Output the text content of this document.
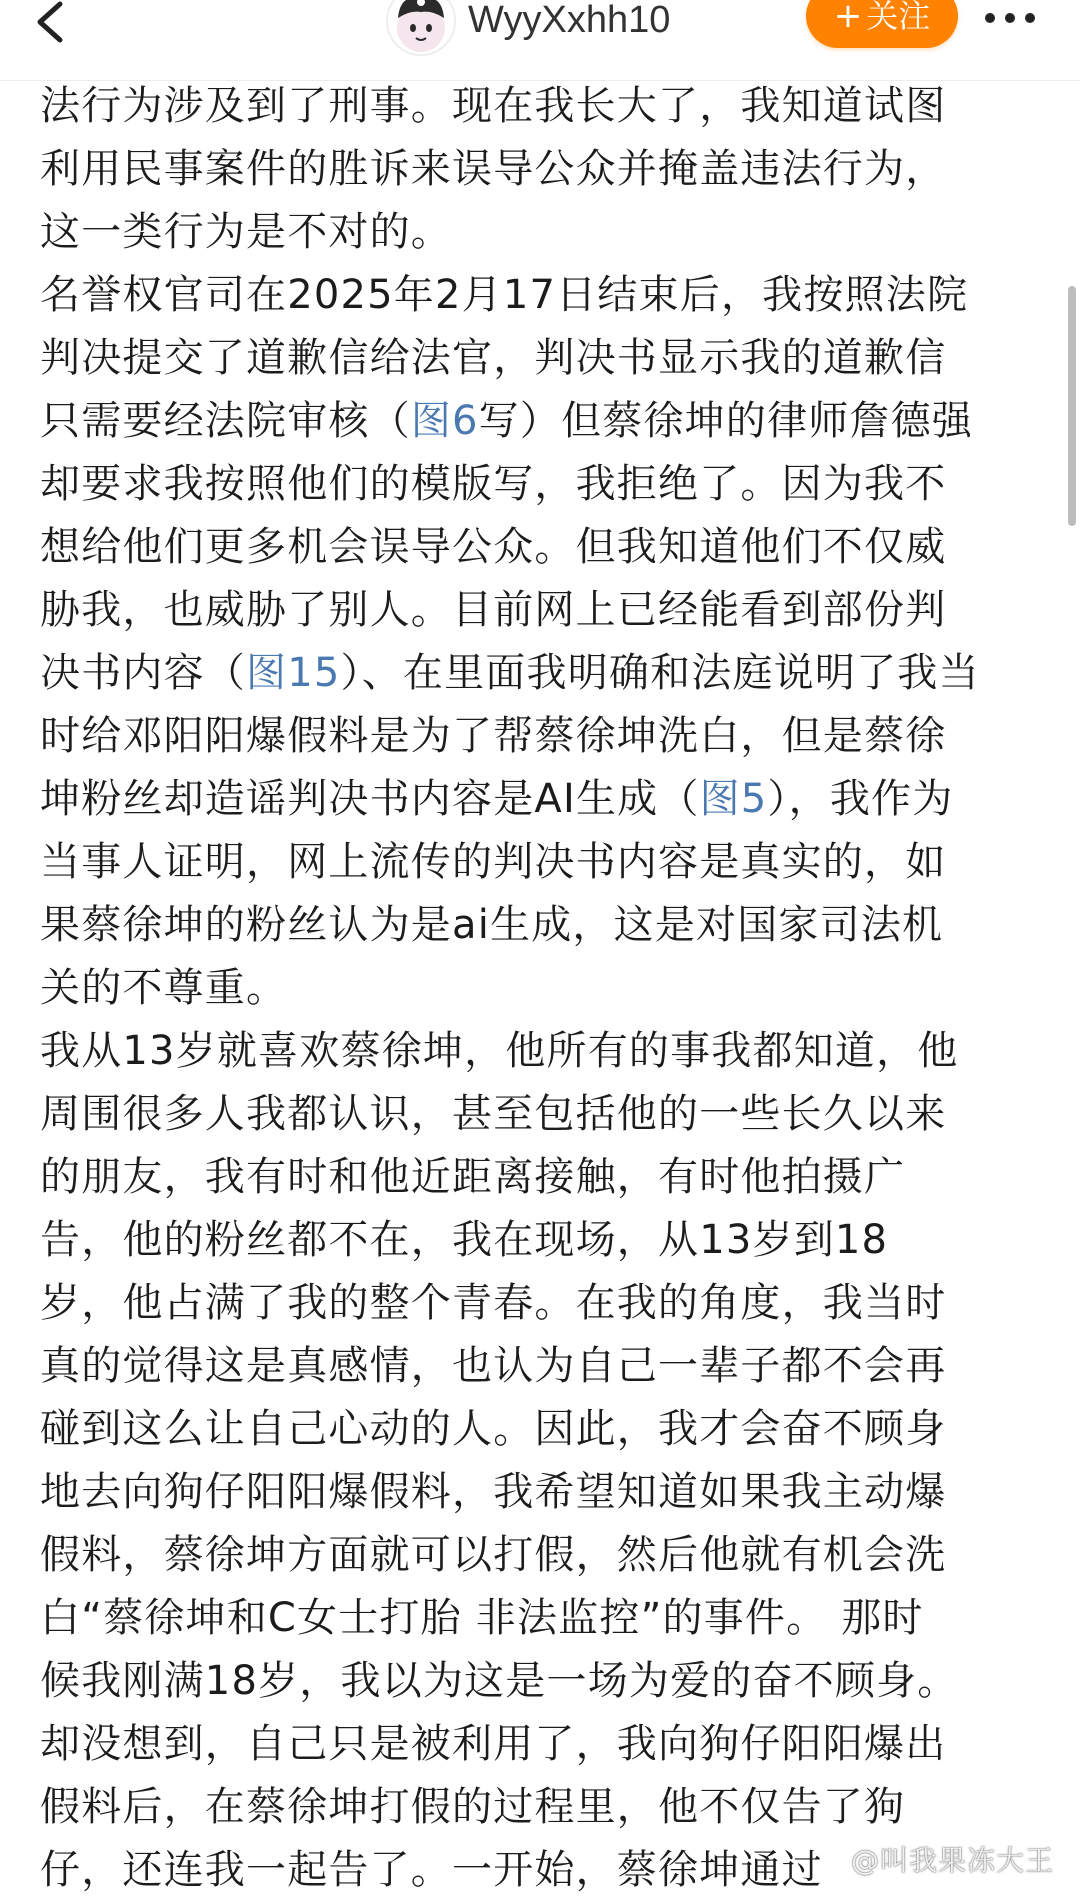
WyyXxhh10	+ 关注
法行为涉及到了刑事。现在我长大了，我知道试图
利用民事案件的胜诉来误导公众并掩盖违法行为，
这一类行为是不对的。
名誉权官司在2025年2月17日结束后，我按照法院
判决提交了道歉信给法官，判决书显示我的道歉信
只需要经法院审核（图6写）但蔡徐坤的律师詹德强
却要求我按照他们的模版写，我拒绝了。因为我不
想给他们更多机会误导公众。但我知道他们不仅威
胁我，也威胁了别人。目前网上已经能看到部份判
决书内容（图15）、在里面我明确和法庭说明了我当
时给邓阳阳爆假料是为了帮蔡徐坤洗白，但是蔡徐
坤粉丝却造谣判决书内容是AI生成（图5），我作为
当事人证明，网上流传的判决书内容是真实的，如
果蔡徐坤的粉丝认为是ai生成，这是对国家司法机
关的不尊重。
我从13岁就喜欢蔡徐坤，他所有的事我都知道，他
周围很多人我都认识，甚至包括他的一些长久以来
的朋友，我有时和他近距离接触，有时他拍摄广
告，他的粉丝都不在，我在现场，从13岁到18
岁，他占满了我的整个青春。在我的角度，我当时
真的觉得这是真感情，也认为自己一辈子都不会再
碰到这么让自己心动的人。因此，我才会奋不顾身
地去向狗仔阳阳爆假料，我希望知道如果我主动爆
假料，蔡徐坤方面就可以打假，然后他就有机会洗
白“蔡徐坤和C女士打胎 非法监控”的事件。 那时
候我刚满18岁，我以为这是一场为爱的奋不顾身。
却没想到，自己只是被利用了，我向狗仔阳阳爆出
假料后，在蔡徐坤打假的过程里，他不仅告了狗
仔，还连我一起告了。一开始，蔡徐坤通过	@叫我果冻大王
